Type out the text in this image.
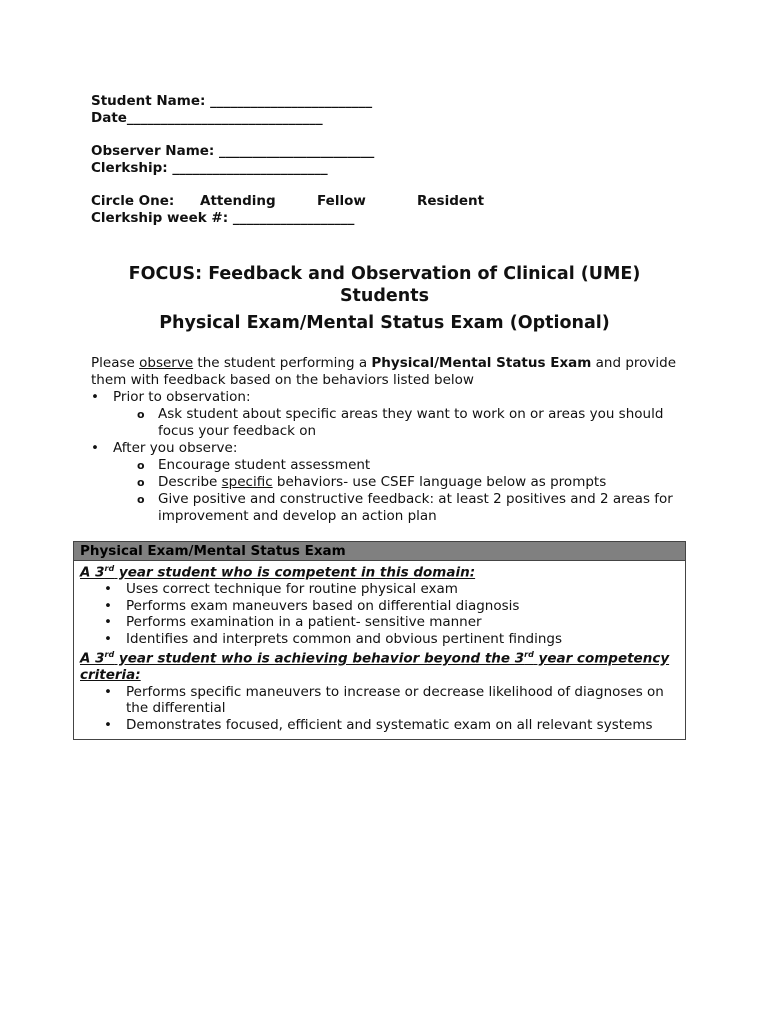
Student Name: ________________________
Date_____________________________
Observer Name: _______________________
Clerkship: _______________________
Circle One:	Attending	Fellow	Resident
Clerkship week #: __________________
FOCUS: Feedback and Observation of Clinical (UME)
Students
Physical Exam/Mental Status Exam (Optional)

Please observe the student performing a Physical/Mental Status Exam and provide them with feedback based on the behaviors listed below

• Prior to observation:
o Ask student about specific areas they want to work on or areas you should focus your feedback on
• After you observe:
o Encourage student assessment
o Describe specific behaviors- use CSEF language below as prompts
o Give positive and constructive feedback: at least 2 positives and 2 areas for improvement and develop an action plan
Physical Exam/Mental Status Exam
A 3rd year student who is competent in this domain:
• Uses correct technique for routine physical exam
• Performs exam maneuvers based on differential diagnosis
• Performs examination in a patient- sensitive manner
• Identifies and interprets common and obvious pertinent findings
A 3rd year student who is achieving behavior beyond the 3rd year competency criteria:
• Performs specific maneuvers to increase or decrease likelihood of diagnoses on the differential
• Demonstrates focused, efficient and systematic exam on all relevant systems
